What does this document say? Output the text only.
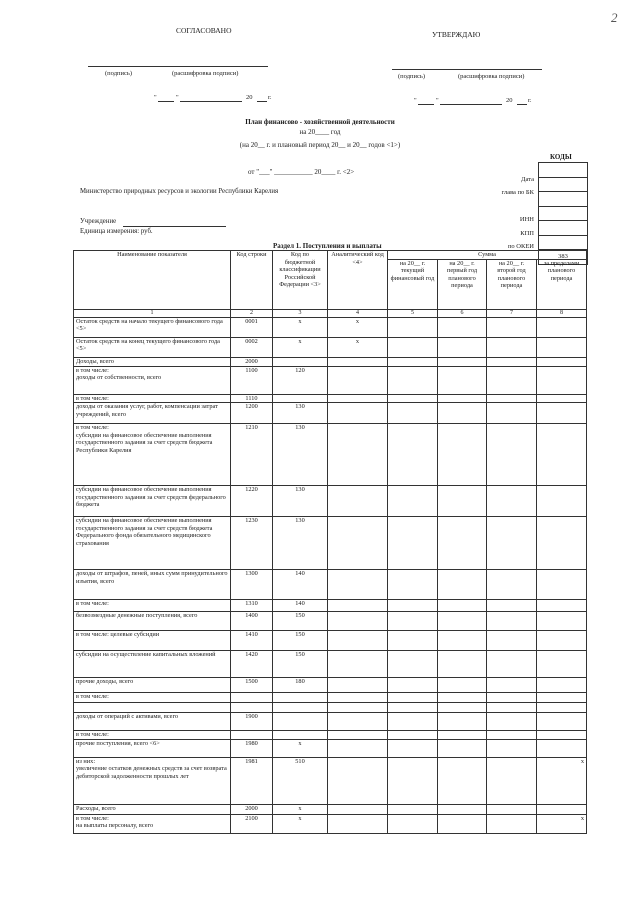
2
СОГЛАСОВАНО	УТВЕРЖДАЮ
(подпись)	(расшифровка подписи)	(подпись)	(расшифровка подписи)
"	"	20 г.	"	"	20 г.
План финансово - хозяйственной деятельности
на 20____ год
(на 20__ г. и плановый период 20__ и 20__ годов <1>)
от "___" ___________ 20____ г. <2>
КОДЫ
383
Дата
глава по БК
ИНН
КПП
по ОКЕИ
Министерство природных ресурсов и экологии Республики Карелия
Учреждение
Единица измерения: руб.
Раздел 1. Поступления и выплаты
Наименование показателя	Код строки	Код по бюджетной классификации Российской Федерации <3>	Аналитический код <4>	Сумма			
				на 20__ г. текущий финансовый год	на 20__ г. первый год планового периода	на 20__ г. второй год планового периода	за пределами планового периода
1	2	3	4	5	6	7	8
Остаток средств на начало текущего финансового года <5>	0001	x	x				
Остаток средств на конец текущего финансового года <5>	0002	x	x				
Доходы, всего	2000						
в том числе:
доходы от собственности, всего	1100	120					
в том числе:	1110						
доходы от оказания услуг, работ, компенсации затрат учреждений, всего	1200	130					
в том числе:
субсидии на финансовое обеспечение выполнения государственного задания за счет средств бюджета Республики Карелия	1210	130					
субсидии на финансовое обеспечение выполнения государственного задания за счет средств федерального бюджета	1220	130					
субсидии на финансовое обеспечение выполнения государственного задания за счет средств бюджета Федерального фонда обязательного медицинского страхования	1230	130					
доходы от штрафов, пеней, иных сумм принудительного изъятия, всего	1300	140					
в том числе:	1310	140					
безвозмездные денежные поступления, всего	1400	150					
в том числе: целевые субсидии	1410	150					
субсидии на осуществление капитальных вложений	1420	150					
прочие доходы, всего	1500	180					
в том числе:							

доходы от операций с активами, всего	1900						
в том числе:							
прочие поступления, всего <6>	1980	x					
из них:
увеличение остатков денежных средств за счет возврата дебиторской задолженности прошлых лет	1981	510					x
Расходы, всего	2000	x					
в том числе:
на выплаты персоналу, всего	2100	x					x
